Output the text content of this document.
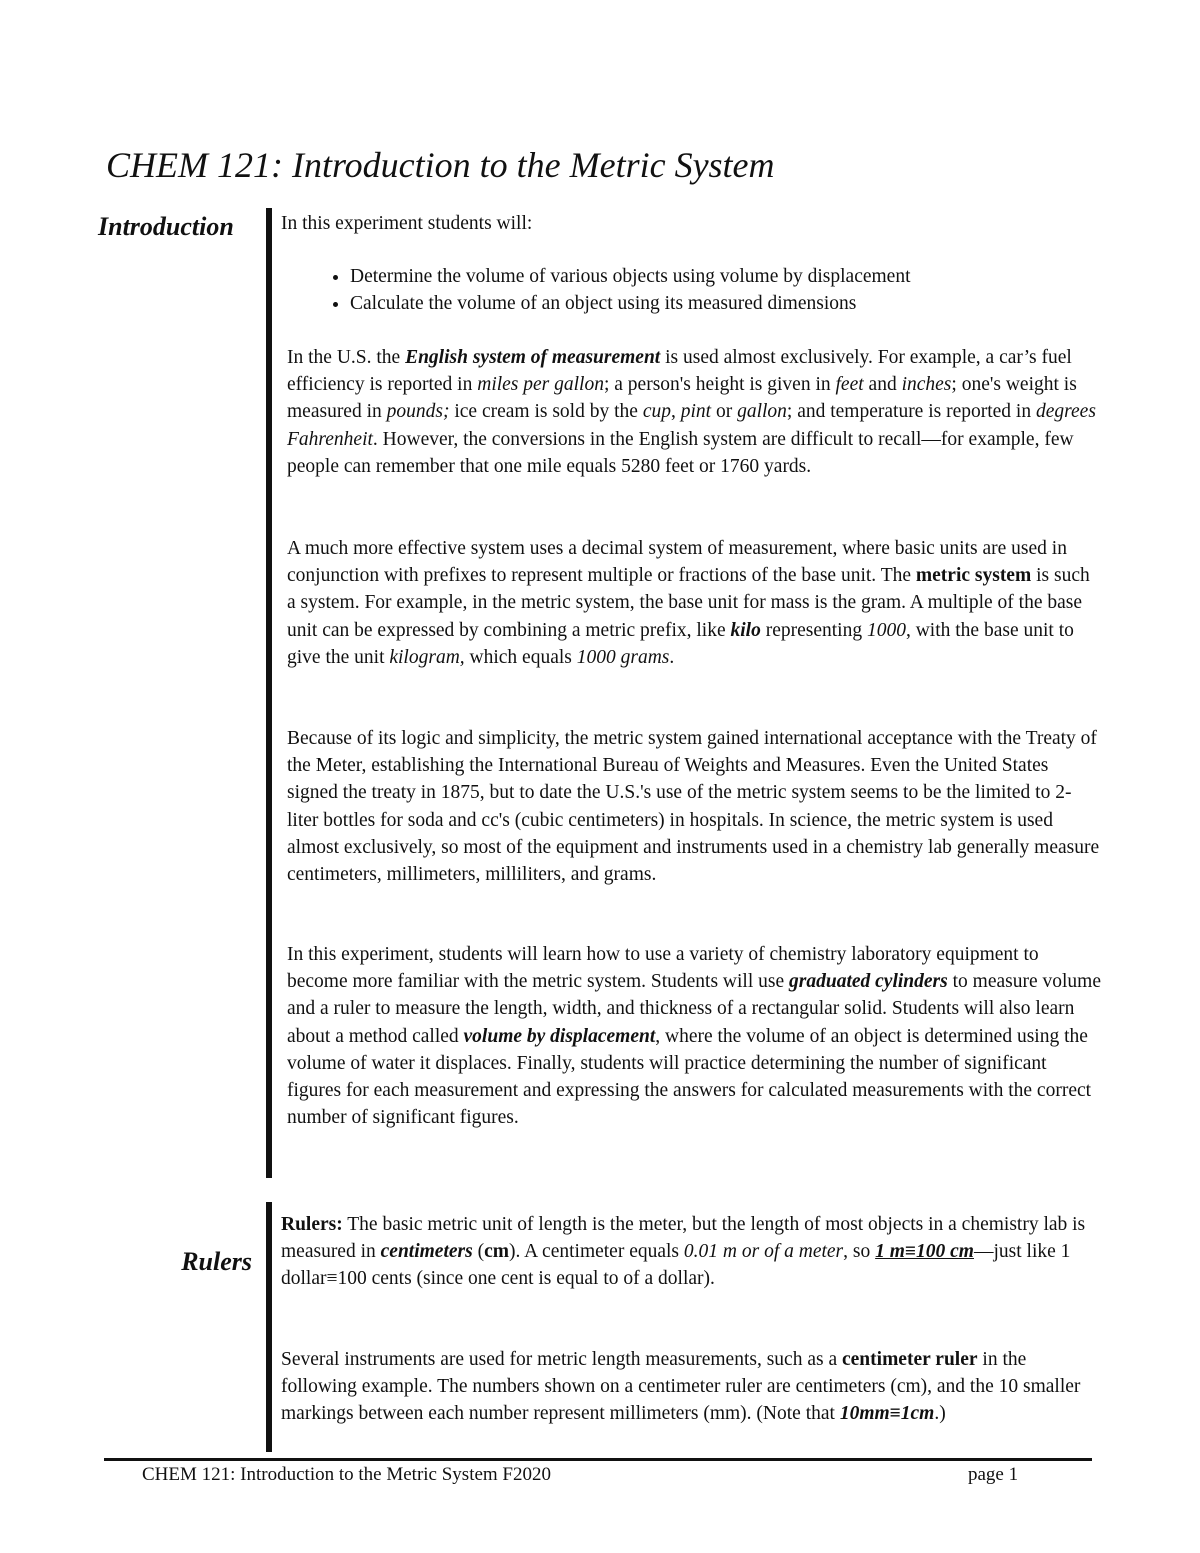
CHEM 121: Introduction to the Metric System
Introduction
Rulers
In this experiment students will:
• Determine the volume of various objects using volume by displacement
• Calculate the volume of an object using its measured dimensions

In the U.S. the English system of measurement is used almost exclusively. For example, a car’s fuel efficiency is reported in miles per gallon; a person's height is given in feet and inches; one's weight is measured in pounds; ice cream is sold by the cup, pint or gallon; and temperature is reported in degrees Fahrenheit. However, the conversions in the English system are difficult to recall—for example, few people can remember that one mile equals 5280 feet or 1760 yards.

A much more effective system uses a decimal system of measurement, where basic units are used in conjunction with prefixes to represent multiple or fractions of the base unit. The metric system is such a system. For example, in the metric system, the base unit for mass is the gram. A multiple of the base unit can be expressed by combining a metric prefix, like kilo representing 1000, with the base unit to give the unit kilogram, which equals 1000 grams.

Because of its logic and simplicity, the metric system gained international acceptance with the Treaty of the Meter, establishing the International Bureau of Weights and Measures. Even the United States signed the treaty in 1875, but to date the U.S.'s use of the metric system seems to be the limited to 2-liter bottles for soda and cc's (cubic centimeters) in hospitals. In science, the metric system is used almost exclusively, so most of the equipment and instruments used in a chemistry lab generally measure centimeters, millimeters, milliliters, and grams.

In this experiment, students will learn how to use a variety of chemistry laboratory equipment to become more familiar with the metric system. Students will use graduated cylinders to measure volume and a ruler to measure the length, width, and thickness of a rectangular solid. Students will also learn about a method called volume by displacement, where the volume of an object is determined using the volume of water it displaces. Finally, students will practice determining the number of significant figures for each measurement and expressing the answers for calculated measurements with the correct number of significant figures.

Rulers: The basic metric unit of length is the meter, but the length of most objects in a chemistry lab is measured in centimeters (cm). A centimeter equals 0.01 m or of a meter, so 1 m≡100 cm—just like 1 dollar≡100 cents (since one cent is equal to of a dollar).

Several instruments are used for metric length measurements, such as a centimeter ruler in the following example. The numbers shown on a centimeter ruler are centimeters (cm), and the 10 smaller markings between each number represent millimeters (mm). (Note that 10mm≡1cm.)

CHEM 121: Introduction to the Metric System F2020	page 1
